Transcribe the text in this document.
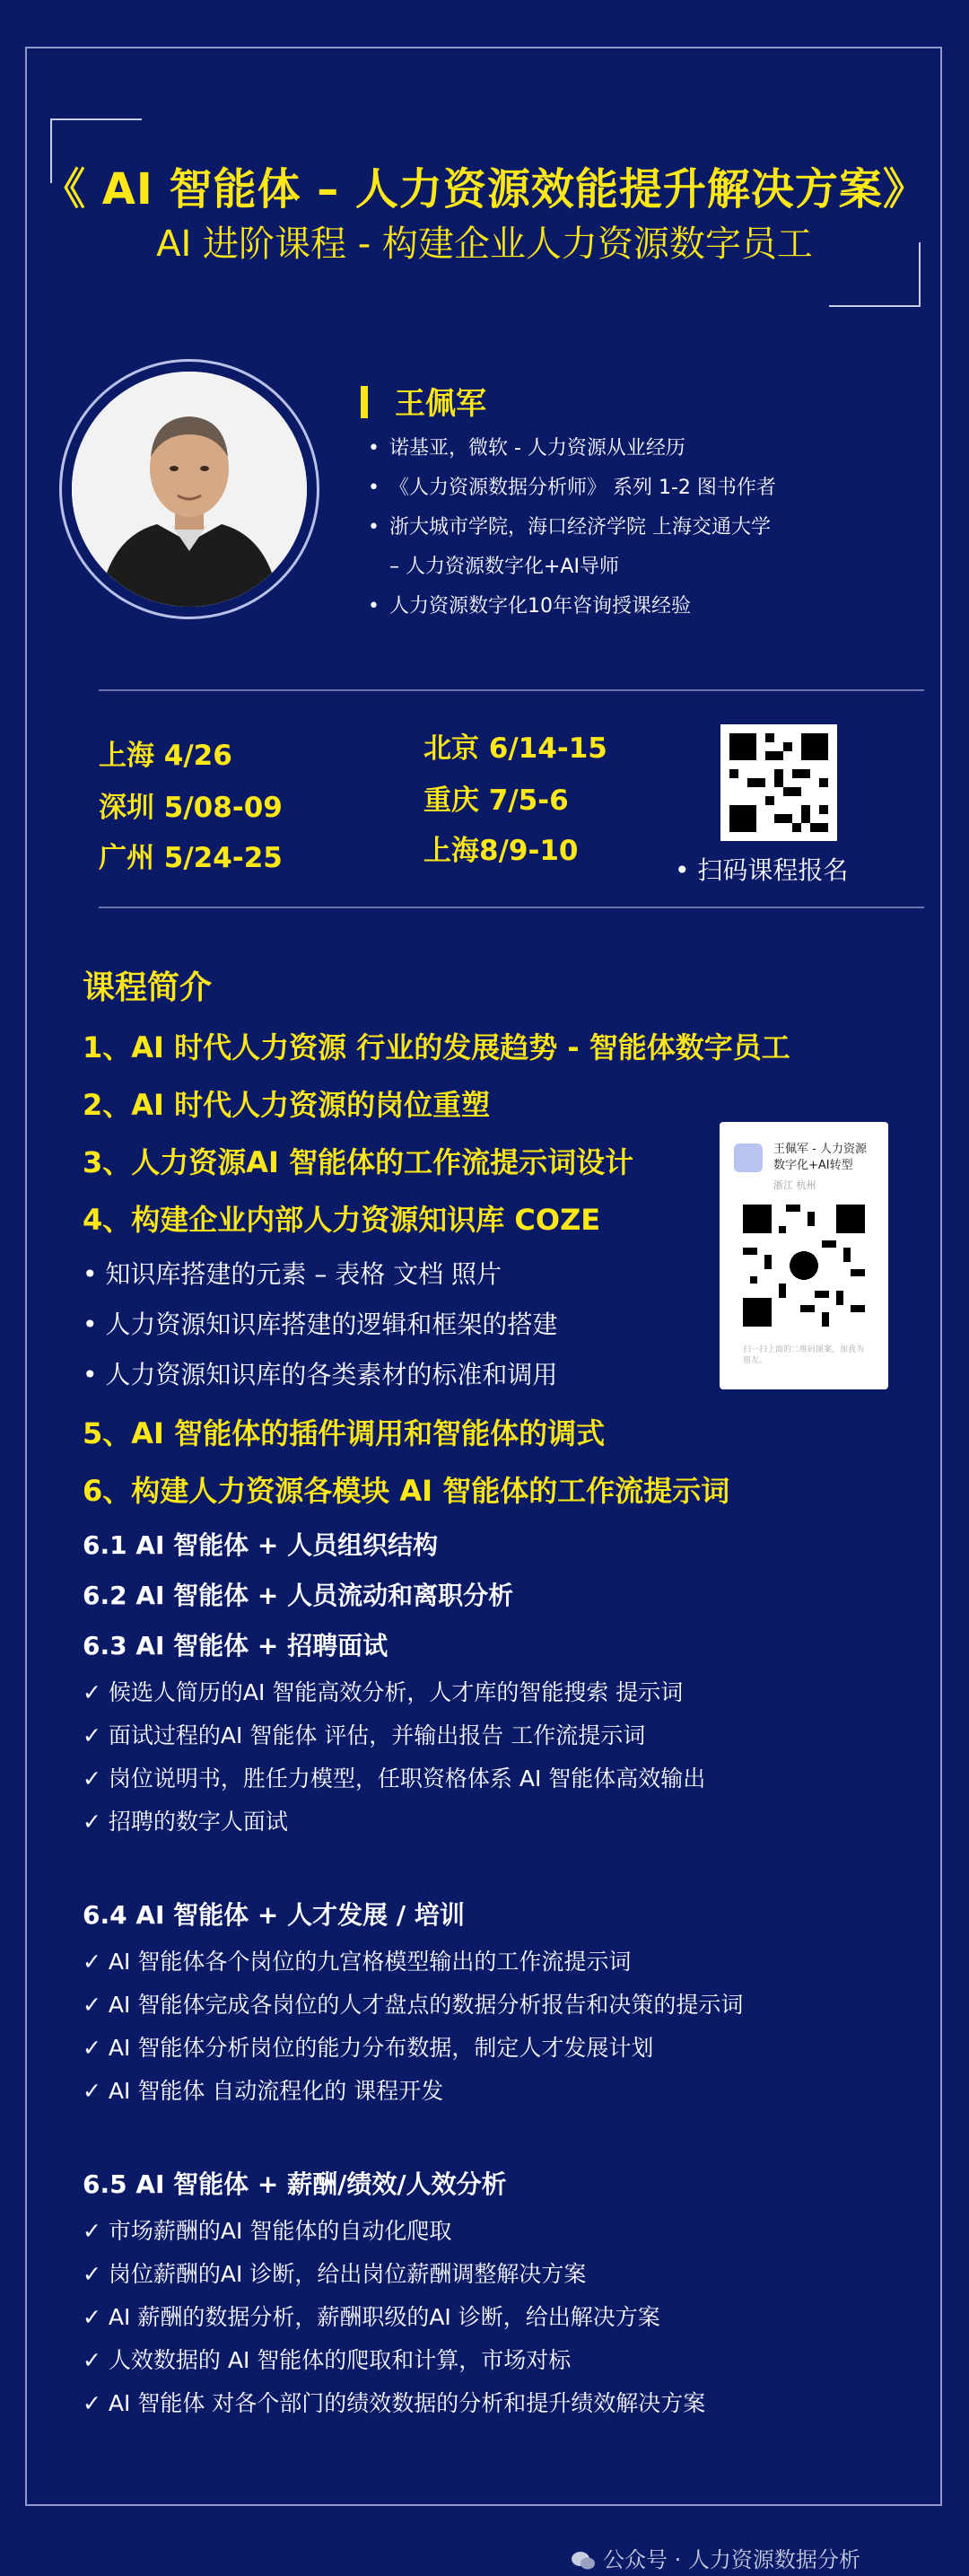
《 AI 智能体 – 人力资源效能提升解决方案》
AI 进阶课程 - 构建企业人力资源数字员工
王佩军
• 诺基亚，微软 - 人力资源从业经历
• 《人力资源数据分析师》 系列 1-2 图书作者
• 浙大城市学院，海口经济学院 上海交通大学
– 人力资源数字化+AI导师
• 人力资源数字化10年咨询授课经验
上海 4/26
深圳 5/08-09
广州 5/24-25
北京 6/14-15
重庆 7/5-6
上海8/9-10
• 扫码课程报名
课程简介
1、AI 时代人力资源 行业的发展趋势 - 智能体数字员工
2、AI 时代人力资源的岗位重塑
3、人力资源AI 智能体的工作流提示词设计
4、构建企业内部人力资源知识库 COZE
• 知识库搭建的元素 – 表格 文档 照片
• 人力资源知识库搭建的逻辑和框架的搭建
• 人力资源知识库的各类素材的标准和调用
5、AI 智能体的插件调用和智能体的调式
6、构建人力资源各模块 AI 智能体的工作流提示词
6.1 AI 智能体 + 人员组织结构
6.2 AI 智能体 + 人员流动和离职分析
6.3 AI 智能体 + 招聘面试
✓ 候选人简历的AI 智能高效分析，人才库的智能搜索 提示词
✓ 面试过程的AI 智能体 评估，并输出报告 工作流提示词
✓ 岗位说明书，胜任力模型，任职资格体系 AI 智能体高效输出
✓ 招聘的数字人面试
6.4 AI 智能体 + 人才发展 / 培训
✓ AI 智能体各个岗位的九宫格模型输出的工作流提示词
✓ AI 智能体完成各岗位的人才盘点的数据分析报告和决策的提示词
✓ AI 智能体分析岗位的能力分布数据，制定人才发展计划
✓ AI 智能体 自动流程化的 课程开发
6.5 AI 智能体 + 薪酬/绩效/人效分析
✓ 市场薪酬的AI 智能体的自动化爬取
✓ 岗位薪酬的AI 诊断，给出岗位薪酬调整解决方案
✓ AI 薪酬的数据分析，薪酬职级的AI 诊断，给出解决方案
✓ 人效数据的 AI 智能体的爬取和计算，市场对标
✓ AI 智能体 对各个部门的绩效数据的分析和提升绩效解决方案
王佩军 - 人力资源
数字化+AI转型
浙江 杭州
扫一扫上面的二维码图案，加我为朋友。
公众号 · 人力资源数据分析
